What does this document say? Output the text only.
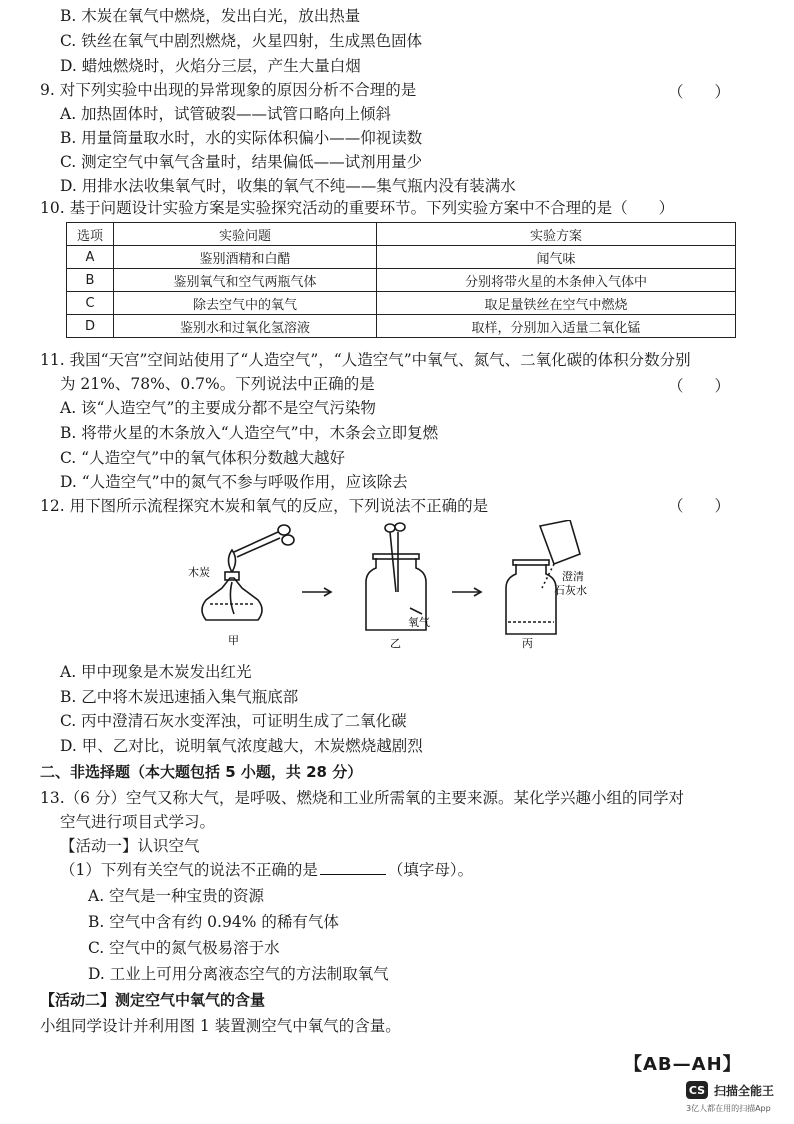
B. 木炭在氧气中燃烧，发出白光，放出热量
C. 铁丝在氧气中剧烈燃烧，火星四射，生成黑色固体
D. 蜡烛燃烧时，火焰分三层，产生大量白烟
9. 对下列实验中出现的异常现象的原因分析不合理的是	（　　）
A. 加热固体时，试管破裂——试管口略向上倾斜
B. 用量筒量取水时，水的实际体积偏小——仰视读数
C. 测定空气中氧气含量时，结果偏低——试剂用量少
D. 用排水法收集氧气时，收集的氧气不纯——集气瓶内没有装满水
10. 基于问题设计实验方案是实验探究活动的重要环节。下列实验方案中不合理的是（　　）
选项	实验问题	实验方案
A	鉴别酒精和白醋	闻气味
B	鉴别氧气和空气两瓶气体	分别将带火星的木条伸入气体中
C	除去空气中的氧气	取足量铁丝在空气中燃烧
D	鉴别水和过氧化氢溶液	取样，分别加入适量二氧化锰
11. 我国“天宫”空间站使用了“人造空气”，“人造空气”中氧气、氮气、二氧化碳的体积分数分别
为 21%、78%、0.7%。下列说法中正确的是	（　　）
A. 该“人造空气”的主要成分都不是空气污染物
B. 将带火星的木条放入“人造空气”中，木条会立即复燃
C. “人造空气”中的氧气体积分数越大越好
D. “人造空气”中的氮气不参与呼吸作用，应该除去
12. 用下图所示流程探究木炭和氧气的反应，下列说法不正确的是	（　　）
木炭
氧气
澄清
石灰水
甲	乙	丙
A. 甲中现象是木炭发出红光
B. 乙中将木炭迅速插入集气瓶底部
C. 丙中澄清石灰水变浑浊，可证明生成了二氧化碳
D. 甲、乙对比，说明氧气浓度越大，木炭燃烧越剧烈
二、非选择题（本大题包括 5 小题，共 28 分）
13.（6 分）空气又称大气，是呼吸、燃烧和工业所需氧的主要来源。某化学兴趣小组的同学对
空气进行项目式学习。
【活动一】认识空气
（1）下列有关空气的说法不正确的是	（填字母）。
A. 空气是一种宝贵的资源
B. 空气中含有约 0.94% 的稀有气体
C. 空气中的氮气极易溶于水
D. 工业上可用分离液态空气的方法制取氧气
【活动二】测定空气中氧气的含量
小组同学设计并利用图 1 装置测空气中氧气的含量。
【AB—AH】
CS 扫描全能王
3亿人都在用的扫描App
